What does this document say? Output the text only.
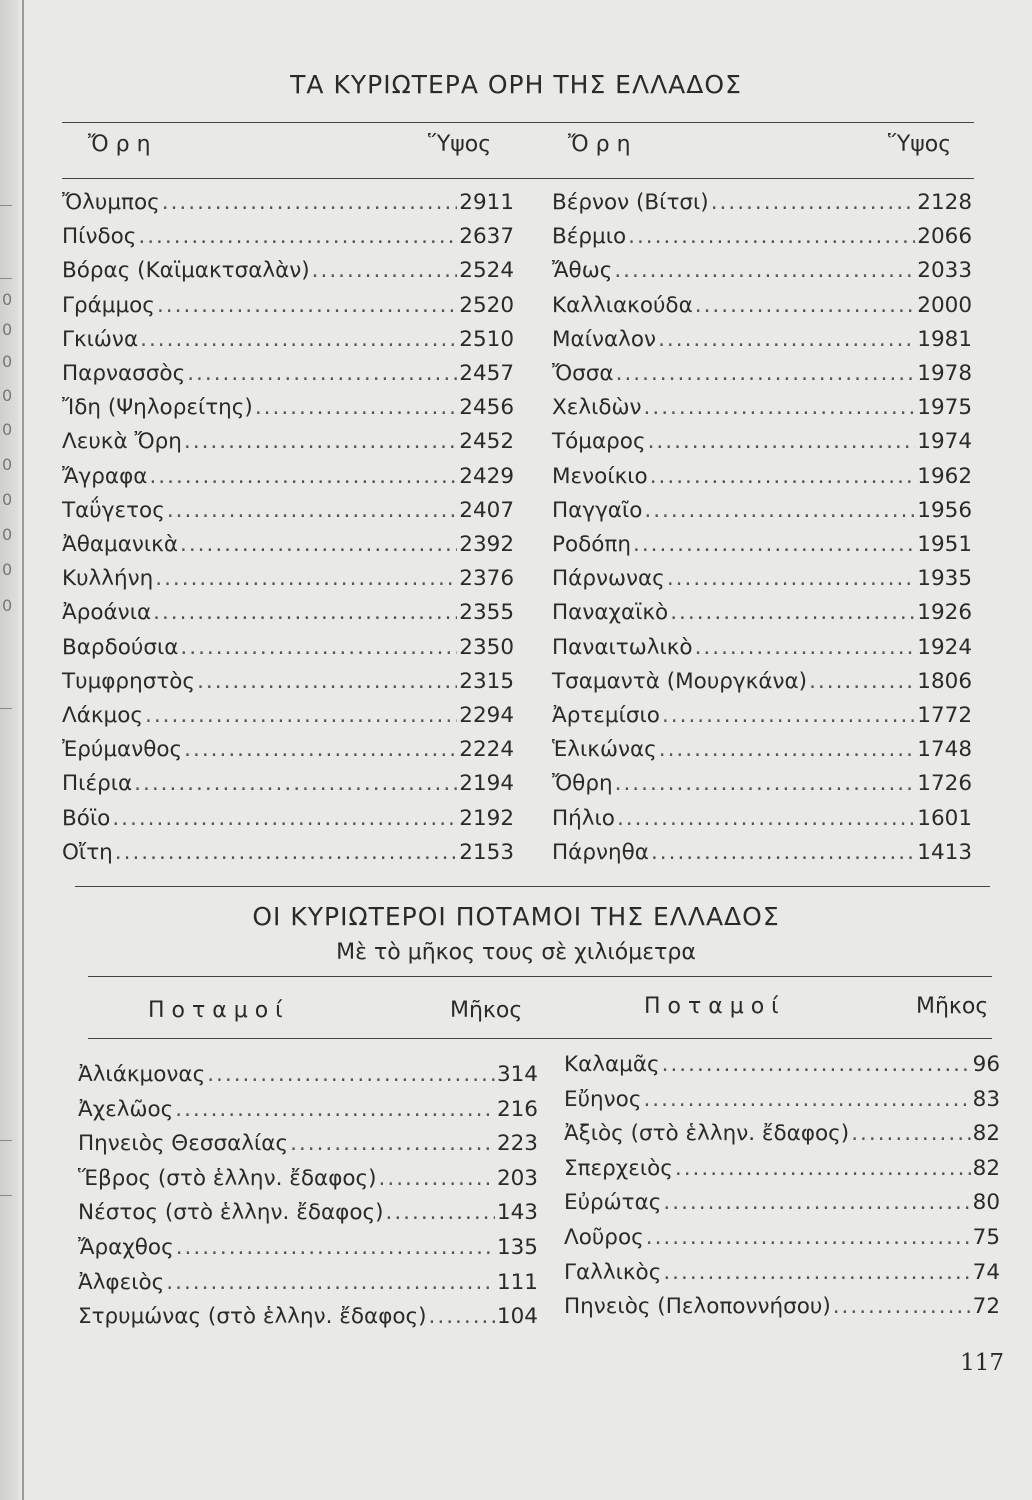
0
0
0
0
0
0
0
0
0
0
ΤΑ ΚΥΡΙΩΤΕΡΑ ΟΡΗ ΤΗΣ ΕΛΛΑΔΟΣ
Ὄ ρ η	Ὕψος	Ὄ ρ η	Ὕψος
Ὄλυμπος .....	2911
Πίνδος .....	2637
Βόρας (Καϊμακτσαλὰν) .....	2524
Γράμμος .....	2520
Γκιώνα .....	2510
Παρνασσὸς .....	2457
Ἴδη (Ψηλορείτης) .....	2456
Λευκὰ Ὄρη .....	2452
Ἄγραφα .....	2429
Ταΰγετος .....	2407
Ἀθαμανικὰ .....	2392
Κυλλήνη .....	2376
Ἀροάνια .....	2355
Βαρδούσια .....	2350
Τυμφρηστὸς .....	2315
Λάκμος .....	2294
Ἐρύμανθος .....	2224
Πιέρια .....	2194
Βόϊο .....	2192
Οἴτη .....	2153
Βέρνον (Βίτσι) .....	2128
Βέρμιο .....	2066
Ἄθως .....	2033
Καλλιακούδα .....	2000
Μαίναλον .....	1981
Ὄσσα .....	1978
Χελιδὼν .....	1975
Τόμαρος .....	1974
Μενοίκιο .....	1962
Παγγαῖο .....	1956
Ροδόπη .....	1951
Πάρνωνας .....	1935
Παναχαϊκὸ .....	1926
Παναιτωλικὸ .....	1924
Τσαμαντὰ (Μουργκάνα) .....	1806
Ἀρτεμίσιο .....	1772
Ἑλικώνας .....	1748
Ὄθρη .....	1726
Πήλιο .....	1601
Πάρνηθα .....	1413
ΟΙ ΚΥΡΙΩΤΕΡΟΙ ΠΟΤΑΜΟΙ ΤΗΣ ΕΛΛΑΔΟΣ
Μὲ τὸ μῆκος τους σὲ χιλιόμετρα
Π ο τ α μ ο ί	Μῆκος	Π ο τ α μ ο ί	Μῆκος
Ἀλιάκμονας .....	314
Ἀχελῶος .....	216
Πηνειὸς Θεσσαλίας .....	223
Ἕβρος (στὸ ἑλλην. ἔδαφος) .....	203
Νέστος (στὸ ἑλλην. ἔδαφος) .....	143
Ἄραχθος .....	135
Ἀλφειὸς .....	111
Στρυμώνας (στὸ ἑλλην. ἔδαφος) .....	104
Καλαμᾶς .....	96
Εὔηνος .....	83
Ἀξιὸς (στὸ ἑλλην. ἔδαφος) .....	82
Σπερχειὸς .....	82
Εὐρώτας .....	80
Λοῦρος .....	75
Γαλλικὸς .....	74
Πηνειὸς (Πελοποννήσου) .....	72
117
